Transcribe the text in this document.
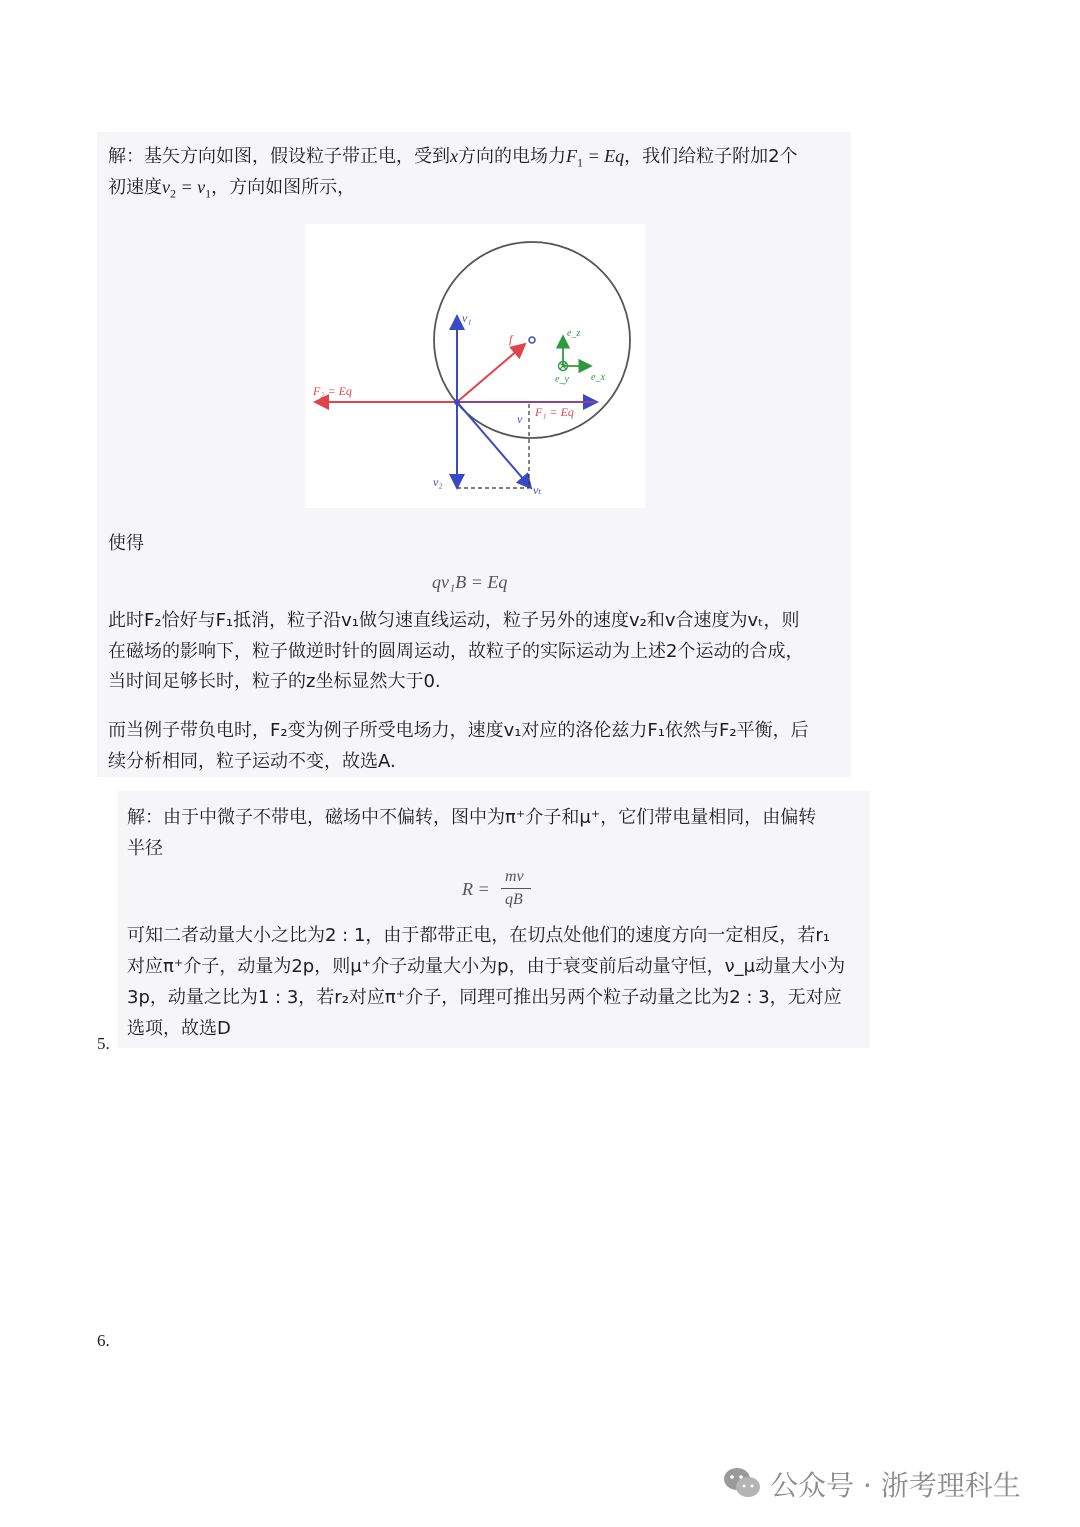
解：基矢方向如图，假设粒子带正电，受到x方向的电场力$F_1 = Eq$，我们给粒子附加2个
初速度$v_2 = v_1$，方向如图所示，
v₁
f	e_z
e_x
e_y
F₂ = Eq
F₁ = Eq
v
v₂
vₜ
使得
qv₁B = Eq
此时F₂恰好与F₁抵消，粒子沿v₁做匀速直线运动，粒子另外的速度v₂和v合速度为vₜ，则
在磁场的影响下，粒子做逆时针的圆周运动，故粒子的实际运动为上述2个运动的合成，
当时间足够长时，粒子的z坐标显然大于0.
而当例子带负电时，F₂变为例子所受电场力，速度v₁对应的洛伦兹力F₁依然与F₂平衡，后
续分析相同，粒子运动不变，故选A.
解：由于中微子不带电，磁场中不偏转，图中为π⁺介子和μ⁺，它们带电量相同，由偏转
半径
R =
mv
qB
可知二者动量大小之比为2 : 1，由于都带正电，在切点处他们的速度方向一定相反，若r₁
对应π⁺介子，动量为2p，则μ⁺介子动量大小为p，由于衰变前后动量守恒，ν_μ动量大小为
3p，动量之比为1 : 3，若r₂对应π⁺介子，同理可推出另两个粒子动量之比为2 : 3，无对应
选项，故选D
5.
6.
公众号 · 浙考理科生
